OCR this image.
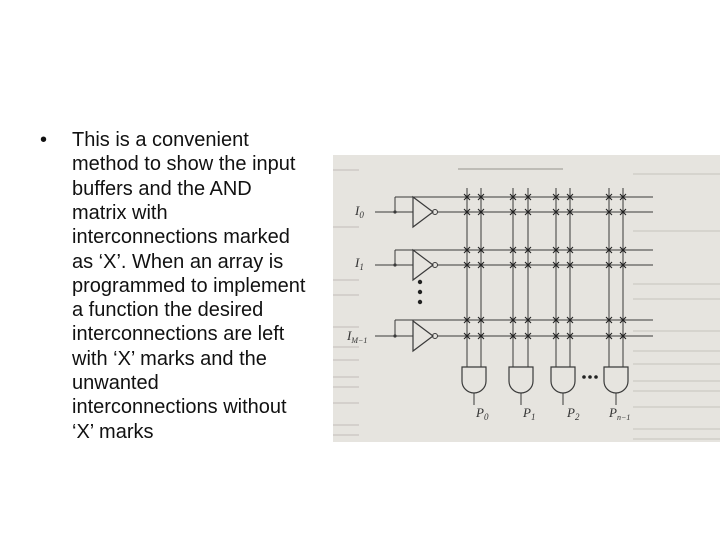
• This is a convenient
method to show the input
buffers and the AND
matrix with
interconnections marked
as ‘X’. When an array is
programmed to implement
a function the desired
interconnections are left
with ‘X’ marks and the
unwanted
interconnections without
‘X’ marks
$I_0$
$I_1$
$I_{M-1}$
$P_0$	$P_1$ $P_2$ $P_{n-1}$
